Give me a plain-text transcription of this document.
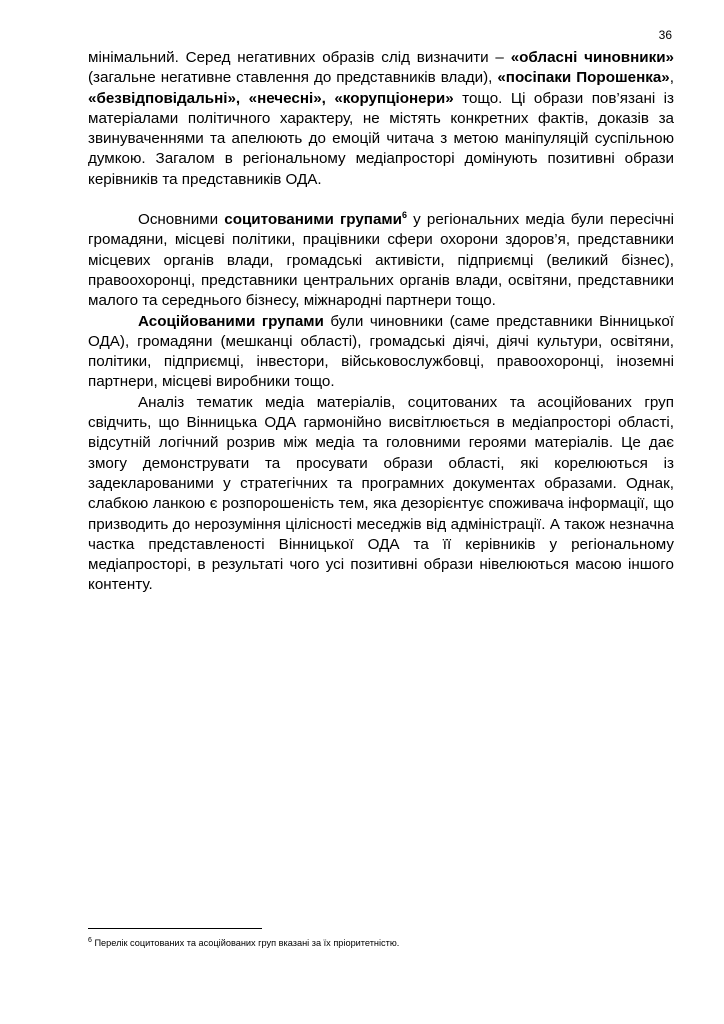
36

мінімальний. Серед негативних образів слід визначити – «обласні чиновники» (загальне негативне ставлення до представників влади), «посіпаки Порошенка», «безвідповідальні», «нечесні», «корупціонери» тощо. Ці образи пов’язані із матеріалами політичного характеру, не містять конкретних фактів, доказів за звинуваченнями та апелюють до емоцій читача з метою маніпуляцій суспільною думкою. Загалом в регіональному медіапросторі домінують позитивні образи керівників та представників ОДА.

Основними социтованими групами$^6$ у регіональних медіа були пересічні громадяни, місцеві політики, працівники сфери охорони здоров’я, представники місцевих органів влади, громадські активісти, підприємці (великий бізнес), правоохоронці, представники центральних органів влади, освітяни, представники малого та середнього бізнесу, міжнародні партнери тощо.

Асоційованими групами були чиновники (саме представники Вінницької ОДА), громадяни (мешканці області), громадські діячі, діячі культури, освітяни, політики, підприємці, інвестори, військовослужбовці, правоохоронці, іноземні партнери, місцеві виробники тощо.

Аналіз тематик медіа матеріалів, социтованих та асоційованих груп свідчить, що Вінницька ОДА гармонійно висвітлюється в медіапросторі області, відсутній логічний розрив між медіа та головними героями матеріалів. Це дає змогу демонструвати та просувати образи області, які корелюються із задекларованими у стратегічних та програмних документах образами. Однак, слабкою ланкою є розпорошеність тем, яка дезорієнтує споживача інформації, що призводить до нерозуміння цілісності меседжів від адміністрації. А також незначна частка представленості Вінницької ОДА та її керівників у регіональному медіапросторі, в результаті чого усі позитивні образи нівелюються масою іншого контенту.

$^6$ Перелік социтованих та асоційованих груп вказані за їх пріоритетністю.
